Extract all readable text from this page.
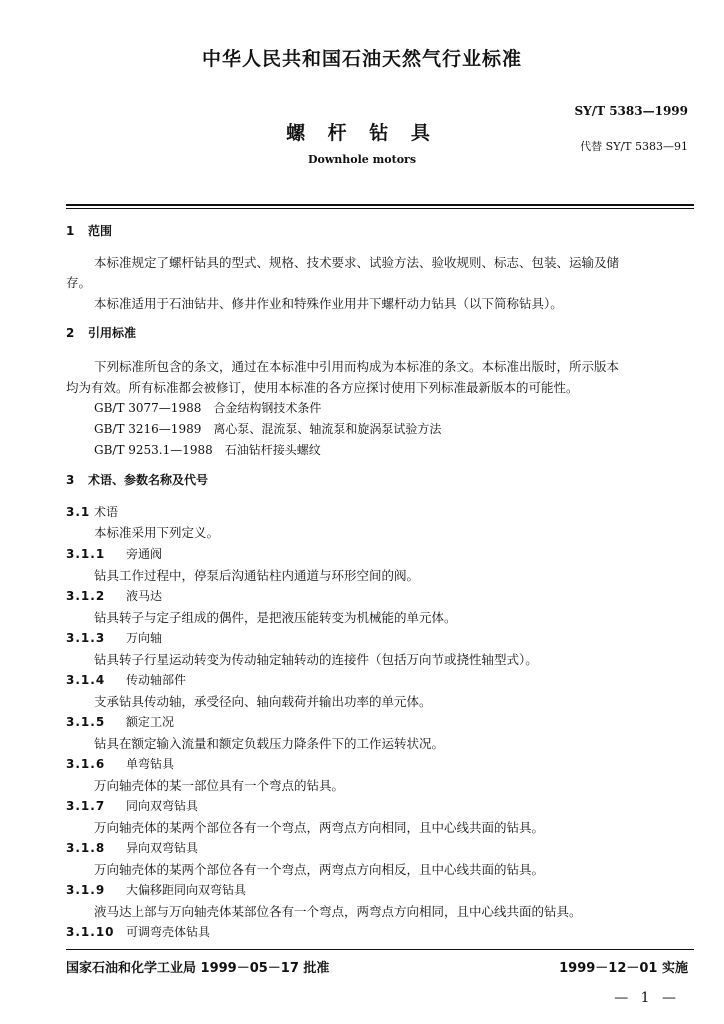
中华人民共和国石油天然气行业标准
SY/T 5383—1999
螺 杆 钻 具
代替 SY/T 5383—91
Downhole motors
1 范围
本标准规定了螺杆钻具的型式、规格、技术要求、试验方法、验收规则、标志、包装、运输及储
存。
本标准适用于石油钻井、修井作业和特殊作业用井下螺杆动力钻具（以下简称钻具）。
2 引用标准
下列标准所包含的条文，通过在本标准中引用而构成为本标准的条文。本标准出版时，所示版本
均为有效。所有标准都会被修订，使用本标准的各方应探讨使用下列标准最新版本的可能性。
GB/T 3077—1988　合金结构钢技术条件
GB/T 3216—1989　离心泵、混流泵、轴流泵和旋涡泵试验方法
GB/T 9253.1—1988　石油钻杆接头螺纹
3 术语、参数名称及代号
3.1 术语
本标准采用下列定义。
3.1.1 旁通阀
钻具工作过程中，停泵后沟通钻柱内通道与环形空间的阀。
3.1.2 液马达
钻具转子与定子组成的偶件，是把液压能转变为机械能的单元体。
3.1.3 万向轴
钻具转子行星运动转变为传动轴定轴转动的连接件（包括万向节或挠性轴型式）。
3.1.4 传动轴部件
支承钻具传动轴，承受径向、轴向载荷并输出功率的单元体。
3.1.5 额定工况
钻具在额定输入流量和额定负载压力降条件下的工作运转状况。
3.1.6 单弯钻具
万向轴壳体的某一部位具有一个弯点的钻具。
3.1.7 同向双弯钻具
万向轴壳体的某两个部位各有一个弯点，两弯点方向相同，且中心线共面的钻具。
3.1.8 异向双弯钻具
万向轴壳体的某两个部位各有一个弯点，两弯点方向相反，且中心线共面的钻具。
3.1.9 大偏移距同向双弯钻具
液马达上部与万向轴壳体某部位各有一个弯点，两弯点方向相同，且中心线共面的钻具。
3.1.10 可调弯壳体钻具
国家石油和化学工业局 1999－05－17 批准	1999－12－01 实施
— 1 —
